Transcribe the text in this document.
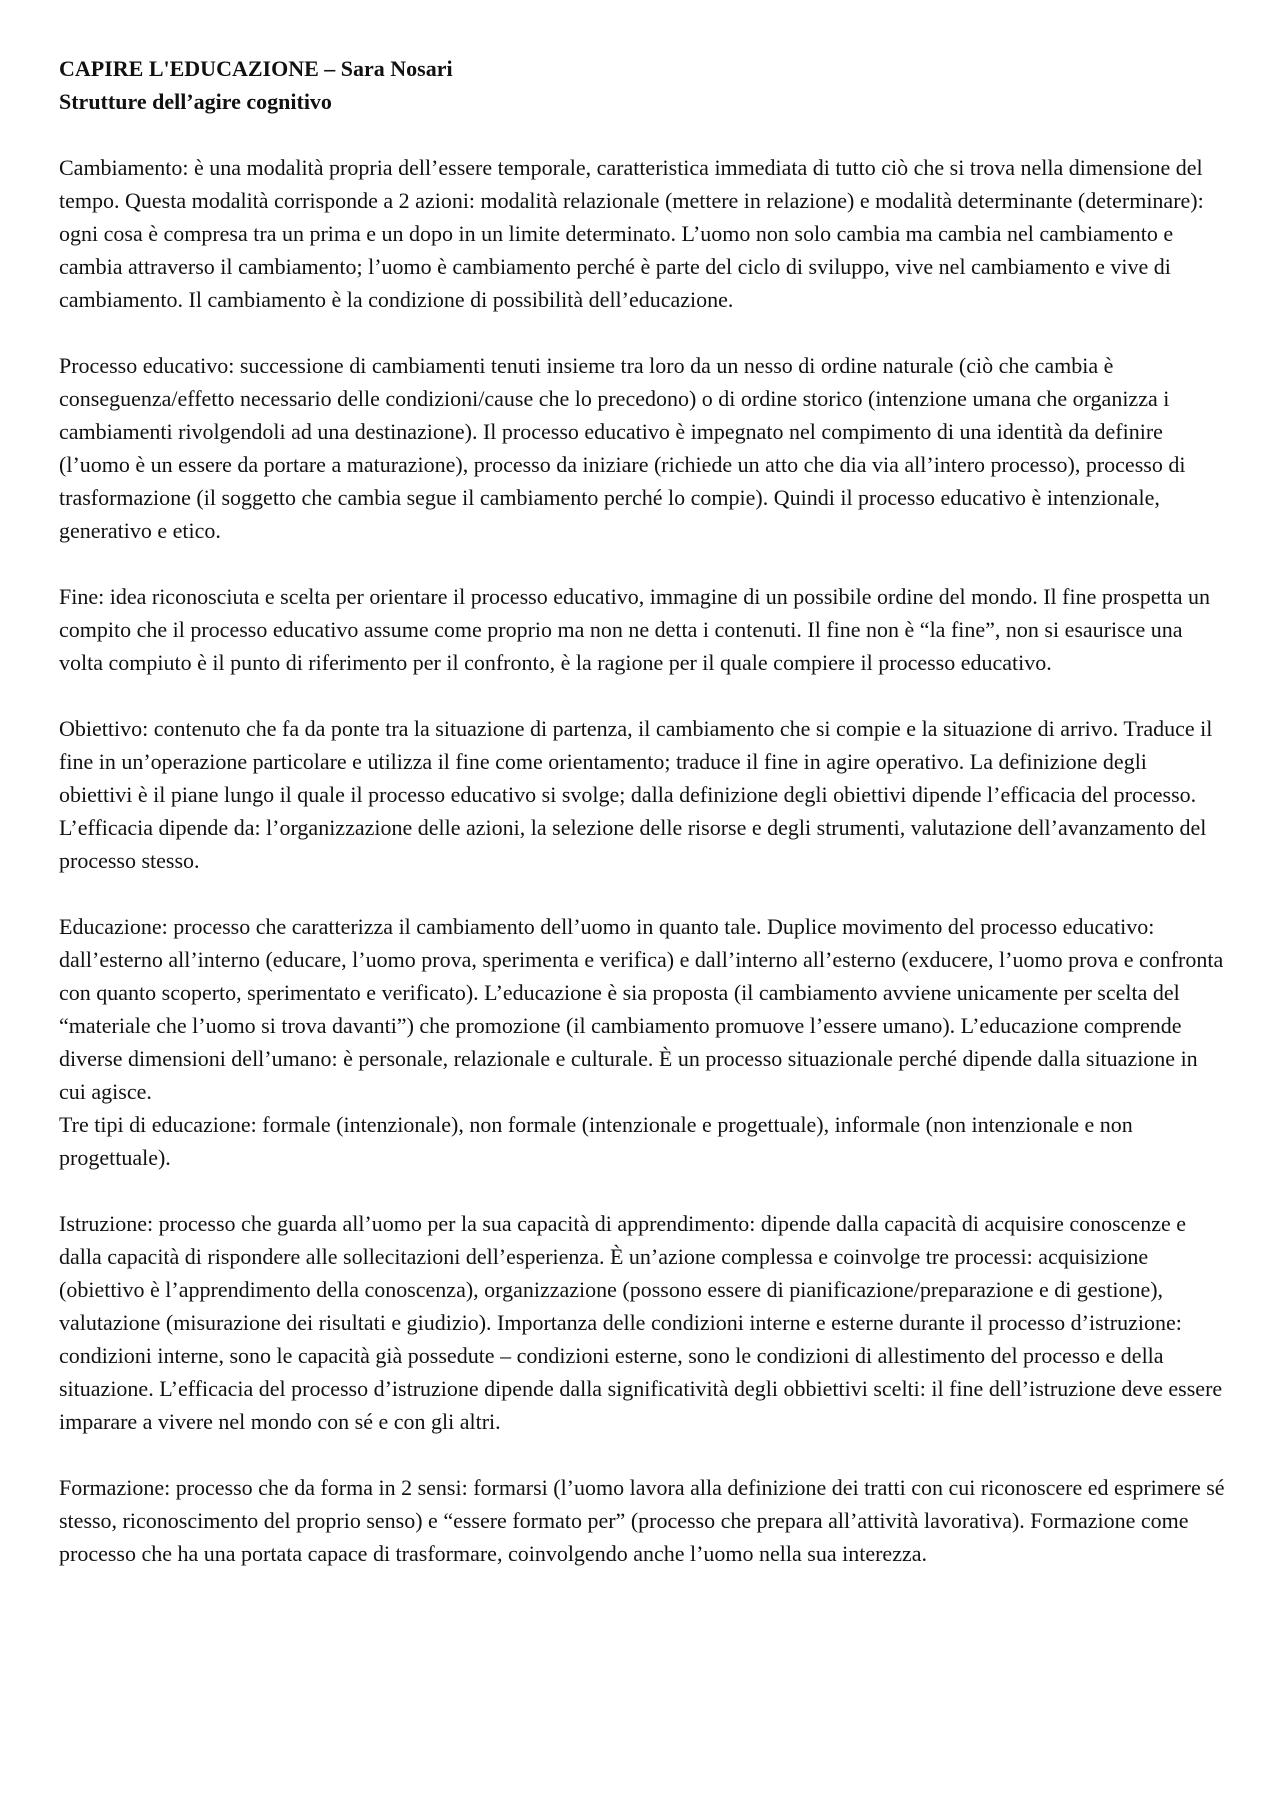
CAPIRE L'EDUCAZIONE – Sara Nosari

Strutture dell’agire cognitivo

Cambiamento: è una modalità propria dell’essere temporale, caratteristica immediata di tutto ciò che si trova nella dimensione del tempo. Questa modalità corrisponde a 2 azioni: modalità relazionale (mettere in relazione) e modalità determinante (determinare): ogni cosa è compresa tra un prima e un dopo in un limite determinato. L’uomo non solo cambia ma cambia nel cambiamento e cambia attraverso il cambiamento; l’uomo è cambiamento perché è parte del ciclo di sviluppo, vive nel cambiamento e vive di cambiamento. Il cambiamento è la condizione di possibilità dell’educazione.

Processo educativo: successione di cambiamenti tenuti insieme tra loro da un nesso di ordine naturale (ciò che cambia è conseguenza/effetto necessario delle condizioni/cause che lo precedono) o di ordine storico (intenzione umana che organizza i cambiamenti rivolgendoli ad una destinazione). Il processo educativo è impegnato nel compimento di una identità da definire (l’uomo è un essere da portare a maturazione), processo da iniziare (richiede un atto che dia via all’intero processo), processo di trasformazione (il soggetto che cambia segue il cambiamento perché lo compie). Quindi il processo educativo è intenzionale, generativo e etico.

Fine: idea riconosciuta e scelta per orientare il processo educativo, immagine di un possibile ordine del mondo. Il fine prospetta un compito che il processo educativo assume come proprio ma non ne detta i contenuti. Il fine non è “la fine”, non si esaurisce una volta compiuto è il punto di riferimento per il confronto, è la ragione per il quale compiere il processo educativo.

Obiettivo: contenuto che fa da ponte tra la situazione di partenza, il cambiamento che si compie e la situazione di arrivo. Traduce il fine in un’operazione particolare e utilizza il fine come orientamento; traduce il fine in agire operativo. La definizione degli obiettivi è il piane lungo il quale il processo educativo si svolge; dalla definizione degli obiettivi dipende l’efficacia del processo. L’efficacia dipende da: l’organizzazione delle azioni, la selezione delle risorse e degli strumenti, valutazione dell’avanzamento del processo stesso.

Educazione: processo che caratterizza il cambiamento dell’uomo in quanto tale. Duplice movimento del processo educativo: dall’esterno all’interno (educare, l’uomo prova, sperimenta e verifica) e dall’interno all’esterno (exducere, l’uomo prova e confronta con quanto scoperto, sperimentato e verificato). L’educazione è sia proposta (il cambiamento avviene unicamente per scelta del “materiale che l’uomo si trova davanti”) che promozione (il cambiamento promuove l’essere umano). L’educazione comprende diverse dimensioni dell’umano: è personale, relazionale e culturale. È un processo situazionale perché dipende dalla situazione in cui agisce.

Tre tipi di educazione: formale (intenzionale), non formale (intenzionale e progettuale), informale (non intenzionale e non progettuale).

Istruzione: processo che guarda all’uomo per la sua capacità di apprendimento: dipende dalla capacità di acquisire conoscenze e dalla capacità di rispondere alle sollecitazioni dell’esperienza. È un’azione complessa e coinvolge tre processi: acquisizione (obiettivo è l’apprendimento della conoscenza), organizzazione (possono essere di pianificazione/preparazione e di gestione), valutazione (misurazione dei risultati e giudizio). Importanza delle condizioni interne e esterne durante il processo d’istruzione: condizioni interne, sono le capacità già possedute – condizioni esterne, sono le condizioni di allestimento del processo e della situazione. L’efficacia del processo d’istruzione dipende dalla significatività degli obbiettivi scelti: il fine dell’istruzione deve essere imparare a vivere nel mondo con sé e con gli altri.

Formazione: processo che da forma in 2 sensi: formarsi (l’uomo lavora alla definizione dei tratti con cui riconoscere ed esprimere sé stesso, riconoscimento del proprio senso) e “essere formato per” (processo che prepara all’attività lavorativa). Formazione come processo che ha una portata capace di trasformare, coinvolgendo anche l’uomo nella sua interezza.
